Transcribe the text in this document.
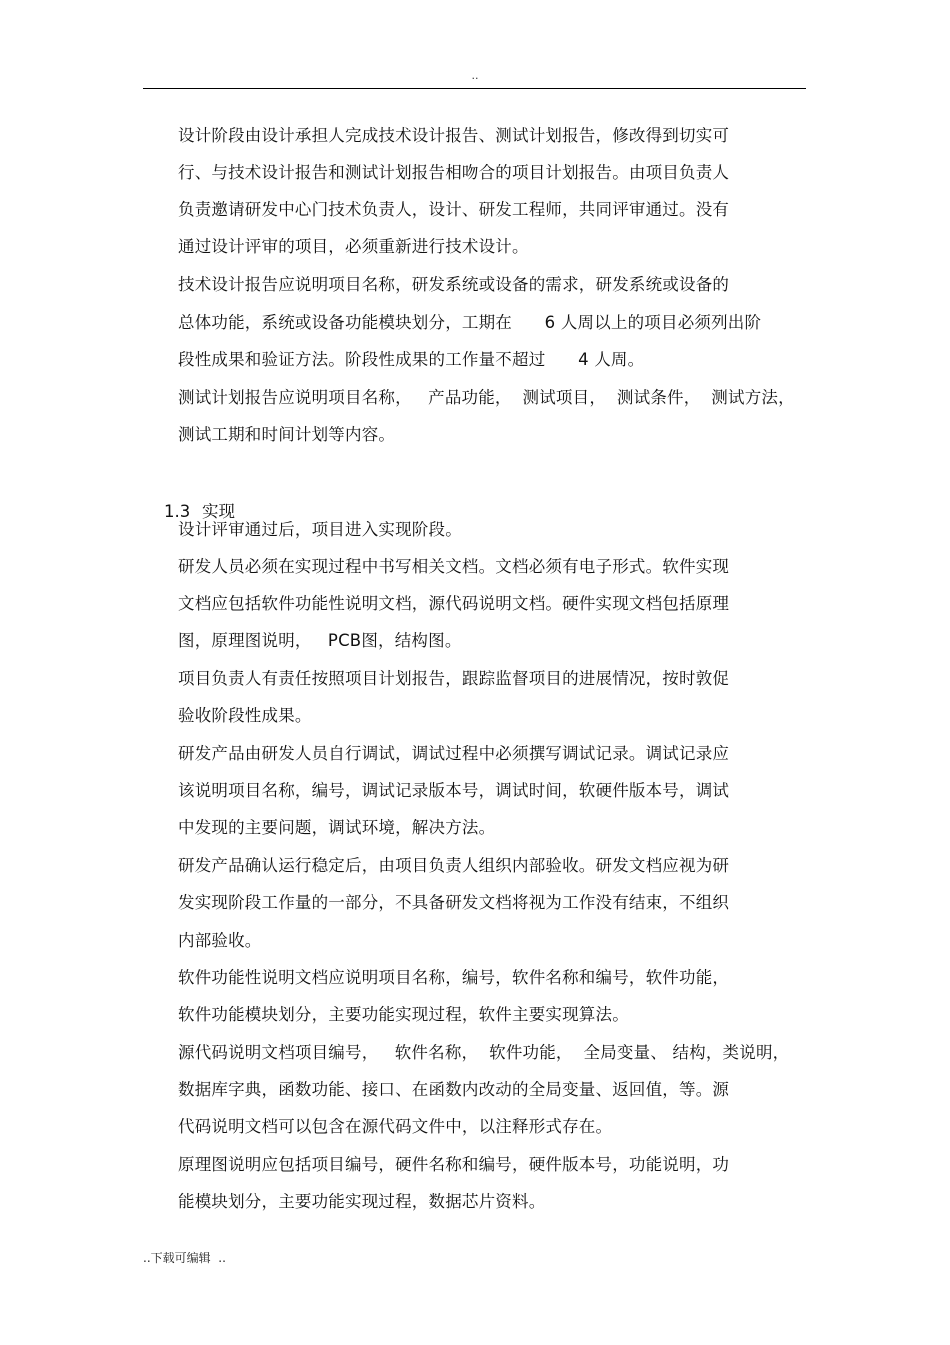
..
设计阶段由设计承担人完成技术设计报告、测试计划报告，修改得到切实可
行、与技术设计报告和测试计划报告相吻合的项目计划报告。由项目负责人
负责邀请研发中心门技术负责人，设计、研发工程师，共同评审通过。没有
通过设计评审的项目，必须重新进行技术设计。
技术设计报告应说明项目名称，研发系统或设备的需求，研发系统或设备的
总体功能，系统或设备功能模块划分，工期在      6 人周以上的项目必须列出阶
段性成果和验证方法。阶段性成果的工作量不超过      4 人周。
测试计划报告应说明项目名称，   产品功能，  测试项目，  测试条件，  测试方法，
测试工期和时间计划等内容。

1.3 实现

设计评审通过后，项目进入实现阶段。
研发人员必须在实现过程中书写相关文档。文档必须有电子形式。软件实现
文档应包括软件功能性说明文档，源代码说明文档。硬件实现文档包括原理
图，原理图说明，   PCB图，结构图。
项目负责人有责任按照项目计划报告，跟踪监督项目的进展情况，按时敦促
验收阶段性成果。
研发产品由研发人员自行调试，调试过程中必须撰写调试记录。调试记录应
该说明项目名称，编号，调试记录版本号，调试时间，软硬件版本号，调试
中发现的主要问题，调试环境，解决方法。
研发产品确认运行稳定后，由项目负责人组织内部验收。研发文档应视为研
发实现阶段工作量的一部分，不具备研发文档将视为工作没有结束，不组织
内部验收。
软件功能性说明文档应说明项目名称，编号，软件名称和编号，软件功能，
软件功能模块划分，主要功能实现过程，软件主要实现算法。
源代码说明文档项目编号，   软件名称，  软件功能，  全局变量、 结构，类说明，
数据库字典，函数功能、接口、在函数内改动的全局变量、返回值，等。源
代码说明文档可以包含在源代码文件中，以注释形式存在。
原理图说明应包括项目编号，硬件名称和编号，硬件版本号，功能说明，功
能模块划分，主要功能实现过程，数据芯片资料。
..下载可编辑  ..
